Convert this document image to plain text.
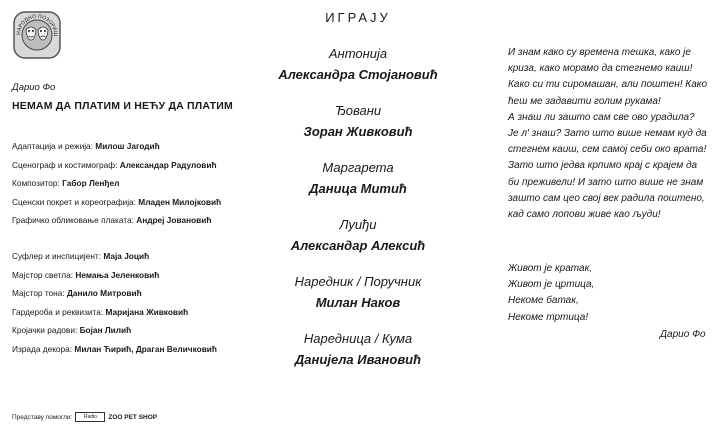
НАРОДНО ПОЗОРИШ
Дарио Фо
НЕМАМ ДА ПЛАТИМ И НЕЋУ ДА ПЛАТИМ
Адаптација и режија: Милош Јагодић
Сценограф и костимограф: Александар Радуловић
Композитор: Габор Ленђел
Сценски покрет и кореографија: Младен Милојковић
Графичко обликовање плаката: Андреј Јовановић
Суфлер и инспицијент: Маја Јоцић
Мајстор светла: Немања Јеленковић
Мајстор тона: Данило Митровић
Гардероба и реквизита: Маријана Живковић
Кројачки радови: Бојан Лилић
Израда декора: Милан Ћирић, Драган Величковић
Представу помогли:	Radio	ZOO PET SHOP
ИГРАЈУ
Антонија
Александра Стојановић
Ђовани
Зоран Живковић
Маргарета
Даница Митић
Луиђи
Александар Алексић
Наредник / Поручник
Милан Наков
Наредница / Кума
Данијела Ивановић
И знам како су времена тешка, како је
криза, како морамо да стегнемо каиш!
Како си ти сиромашан, али поштен! Како
ћеш ме задавити голим рукама!
А знаш ли зашто сам све ово урадила?
Је л' знаш? Зато што више немам куд да
стегнем каиш, сем самој себи око врата!
Зато што једва крпимо крај с крајем да
би преживели! И зато што више не знам
зашто сам цео свој век радила поштено,
кад само лопови живе као људи!
Живот је кратак,
Живот је цртица,
Некоме батак,
Некоме тртица!
Дарио Фо
